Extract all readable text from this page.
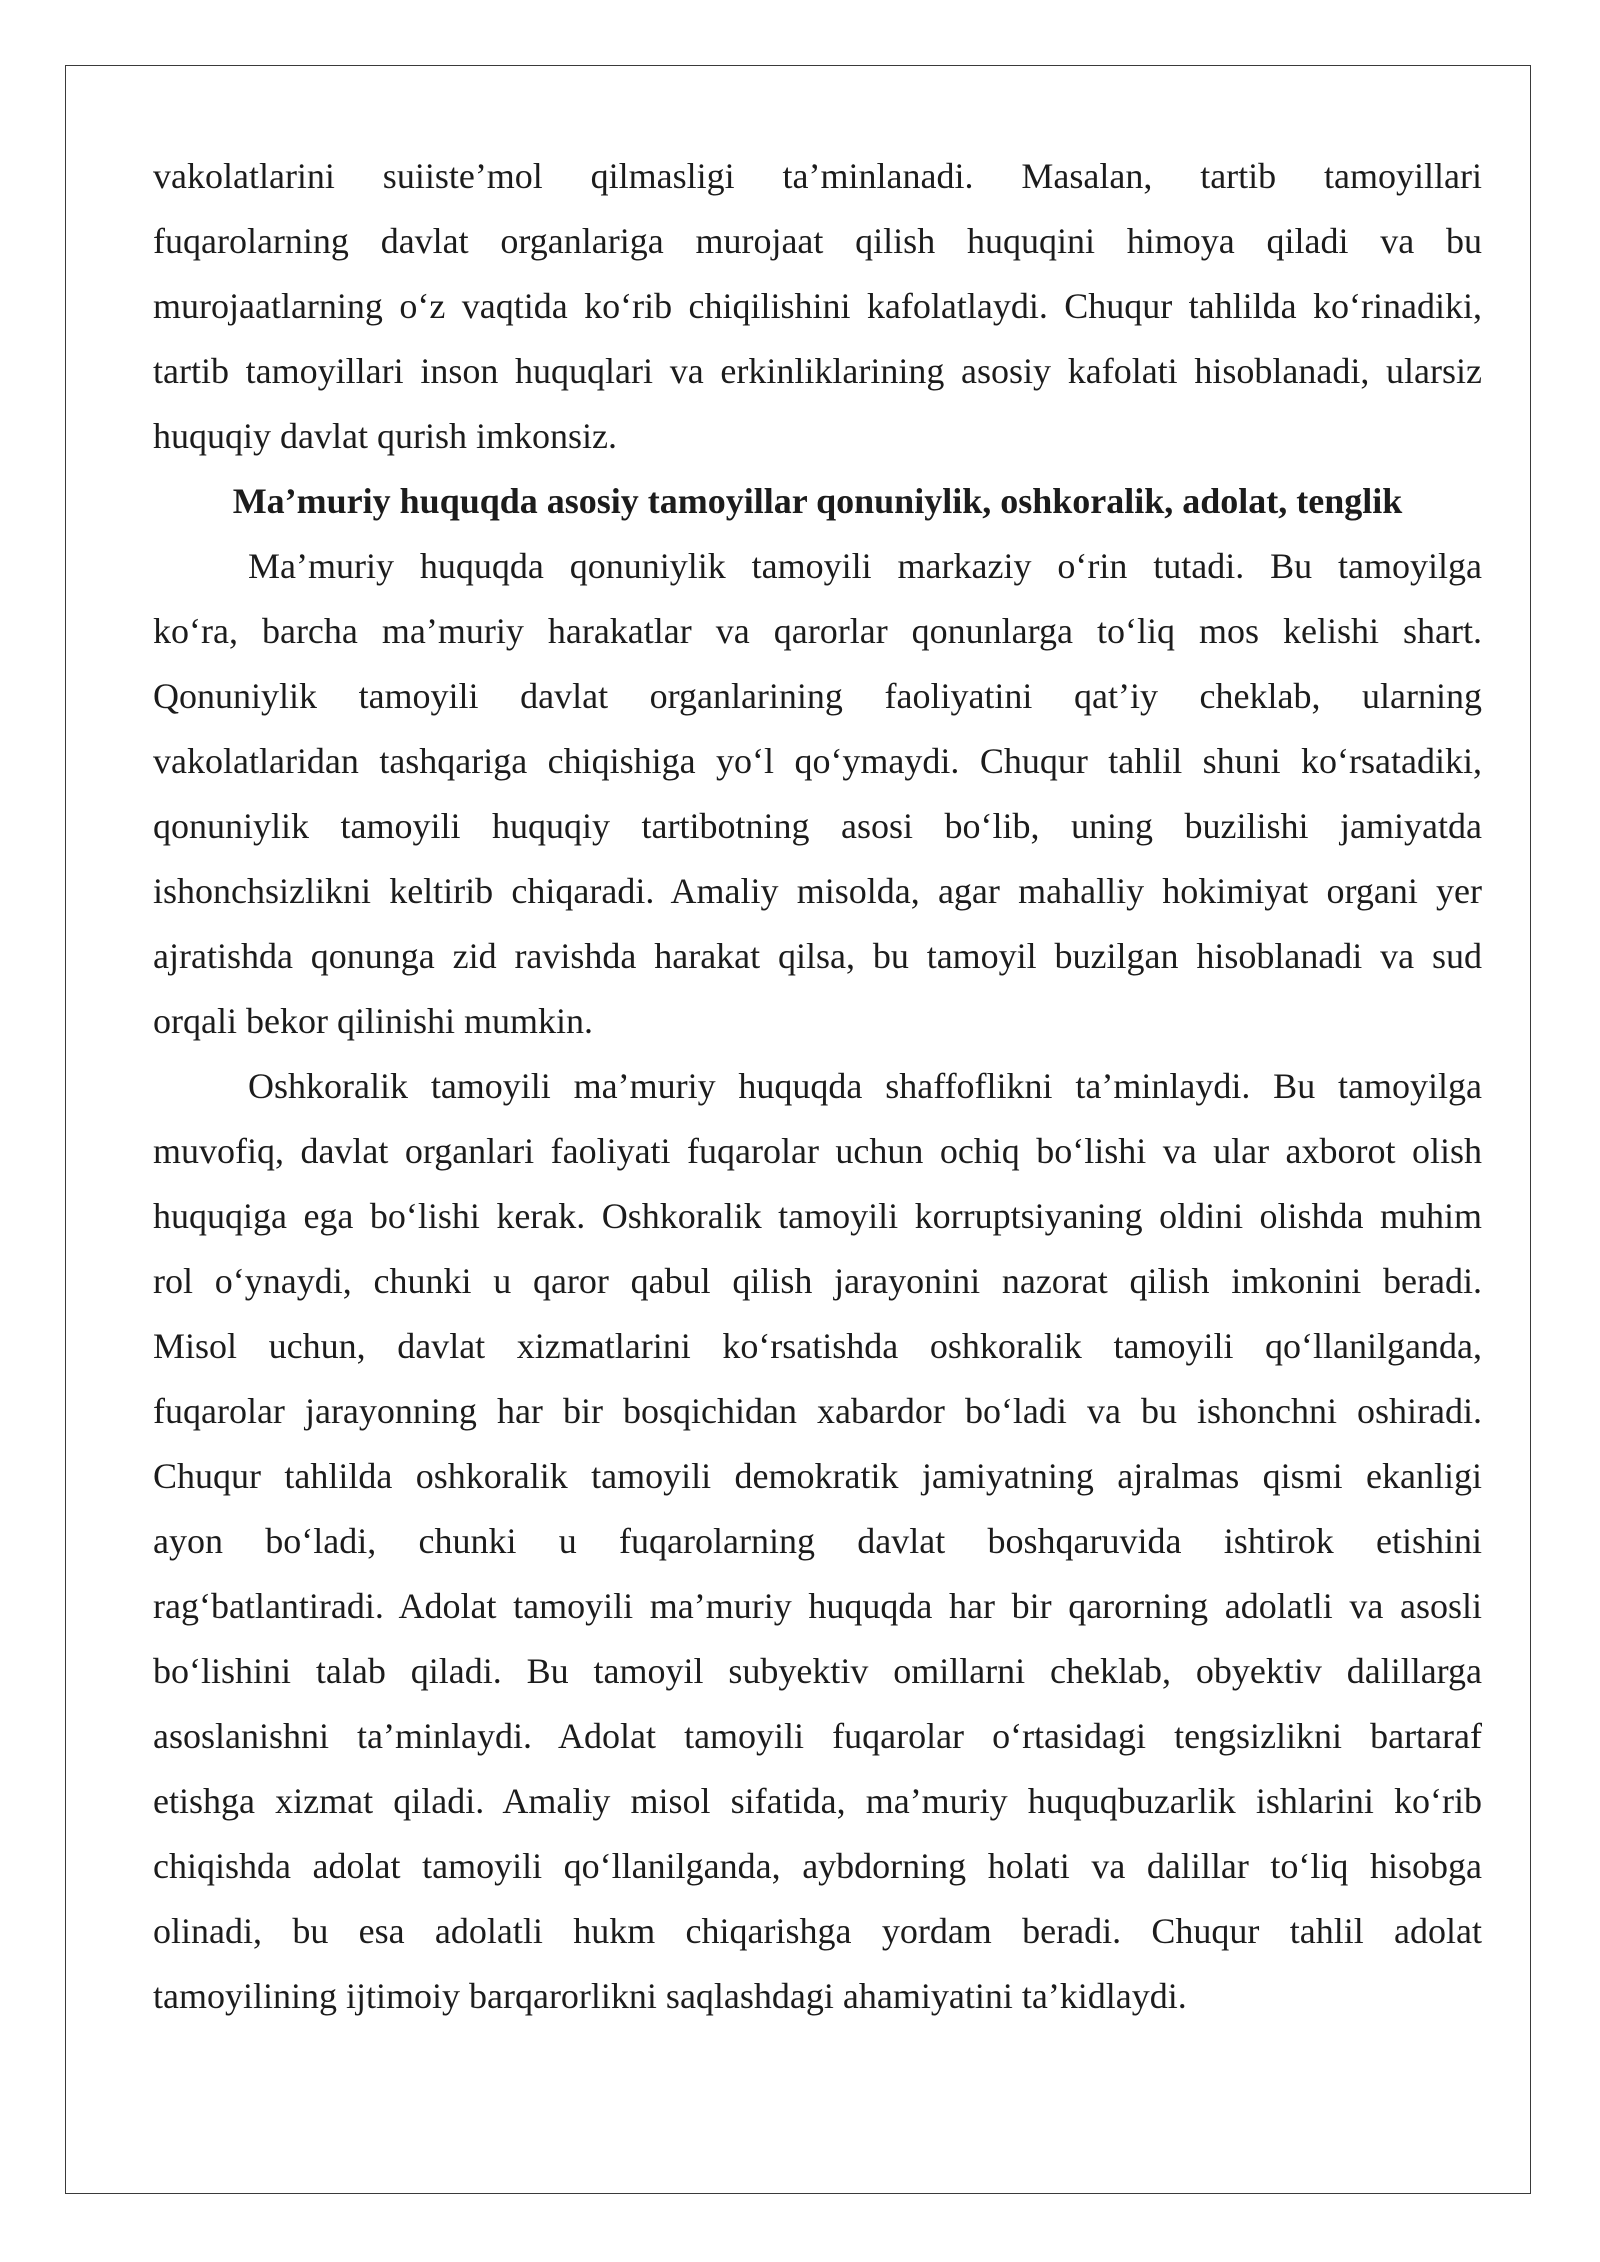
vakolatlarini suiiste’mol qilmasligi ta’minlanadi. Masalan, tartib tamoyillari
fuqarolarning davlat organlariga murojaat qilish huquqini himoya qiladi va bu
murojaatlarning o‘z vaqtida ko‘rib chiqilishini kafolatlaydi. Chuqur tahlilda ko‘rinadiki,
tartib tamoyillari inson huquqlari va erkinliklarining asosiy kafolati hisoblanadi, ularsiz
huquqiy davlat qurish imkonsiz.
Ma’muriy huquqda asosiy tamoyillar qonuniylik, oshkoralik, adolat, tenglik
Ma’muriy huquqda qonuniylik tamoyili markaziy o‘rin tutadi. Bu tamoyilga
ko‘ra, barcha ma’muriy harakatlar va qarorlar qonunlarga to‘liq mos kelishi shart.
Qonuniylik tamoyili davlat organlarining faoliyatini qat’iy cheklab, ularning
vakolatlaridan tashqariga chiqishiga yo‘l qo‘ymaydi. Chuqur tahlil shuni ko‘rsatadiki,
qonuniylik tamoyili huquqiy tartibotning asosi bo‘lib, uning buzilishi jamiyatda
ishonchsizlikni keltirib chiqaradi. Amaliy misolda, agar mahalliy hokimiyat organi yer
ajratishda qonunga zid ravishda harakat qilsa, bu tamoyil buzilgan hisoblanadi va sud
orqali bekor qilinishi mumkin.
Oshkoralik tamoyili ma’muriy huquqda shaffoflikni ta’minlaydi. Bu tamoyilga
muvofiq, davlat organlari faoliyati fuqarolar uchun ochiq bo‘lishi va ular axborot olish
huquqiga ega bo‘lishi kerak. Oshkoralik tamoyili korruptsiyaning oldini olishda muhim
rol o‘ynaydi, chunki u qaror qabul qilish jarayonini nazorat qilish imkonini beradi.
Misol uchun, davlat xizmatlarini ko‘rsatishda oshkoralik tamoyili qo‘llanilganda,
fuqarolar jarayonning har bir bosqichidan xabardor bo‘ladi va bu ishonchni oshiradi.
Chuqur tahlilda oshkoralik tamoyili demokratik jamiyatning ajralmas qismi ekanligi
ayon bo‘ladi, chunki u fuqarolarning davlat boshqaruvida ishtirok etishini
rag‘batlantiradi. Adolat tamoyili ma’muriy huquqda har bir qarorning adolatli va asosli
bo‘lishini talab qiladi. Bu tamoyil subyektiv omillarni cheklab, obyektiv dalillarga
asoslanishni ta’minlaydi. Adolat tamoyili fuqarolar o‘rtasidagi tengsizlikni bartaraf
etishga xizmat qiladi. Amaliy misol sifatida, ma’muriy huquqbuzarlik ishlarini ko‘rib
chiqishda adolat tamoyili qo‘llanilganda, aybdorning holati va dalillar to‘liq hisobga
olinadi, bu esa adolatli hukm chiqarishga yordam beradi. Chuqur tahlil adolat
tamoyilining ijtimoiy barqarorlikni saqlashdagi ahamiyatini ta’kidlaydi.
